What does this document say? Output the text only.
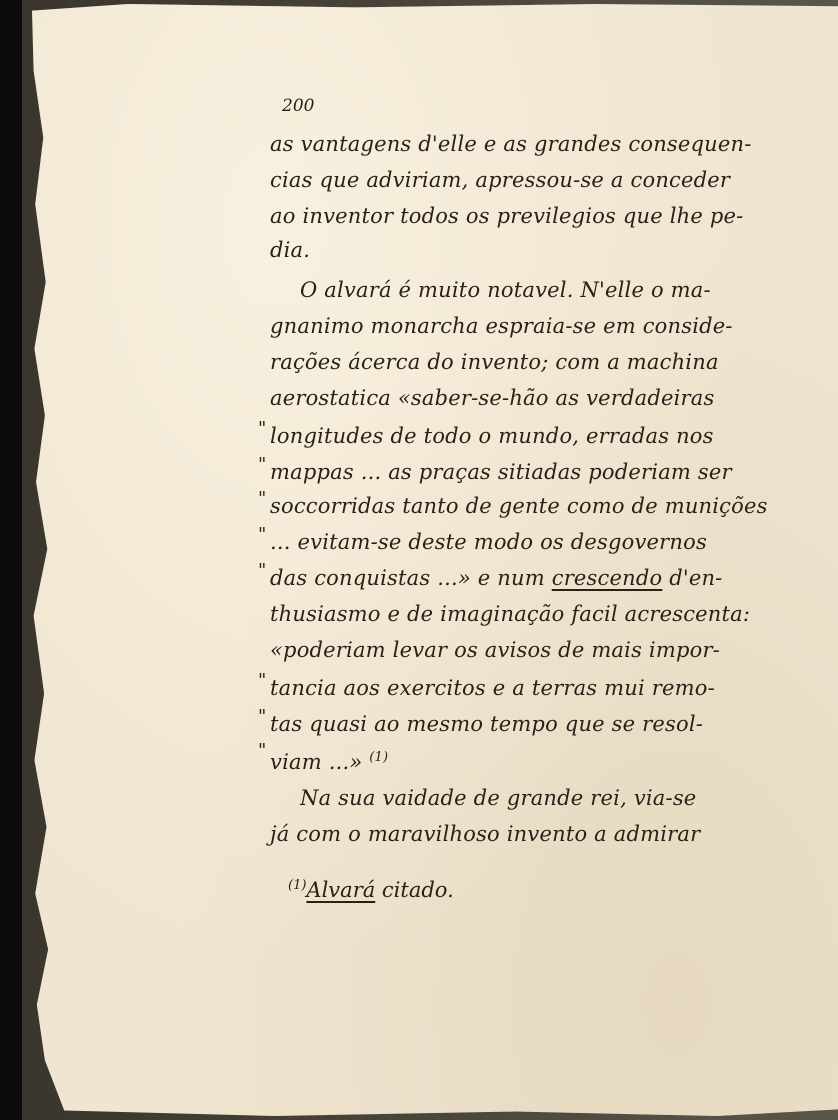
200
as vantagens d'elle e as grandes consequen-
cias que adviriam, apressou-se a conceder
ao inventor todos os previlegios que lhe pe-
dia.
O alvará é muito notavel. N'elle o ma-
gnanimo monarcha espraia-se em conside-
rações ácerca do invento; com a machina
aerostatica «saber-se-hão as verdadeiras
" longitudes de todo o mundo, erradas nos
" mappas ... as praças sitiadas poderiam ser
" soccorridas tanto de gente como de munições
" ... evitam-se deste modo os desgovernos
" das conquistas ...» e num crescendo d'en-
thusiasmo e de imaginação facil acrescenta:
«poderiam levar os avisos de mais impor-
" tancia aos exercitos e a terras mui remo-
" tas quasi ao mesmo tempo que se resol-
" viam ...» $^{(1)}$
Na sua vaidade de grande rei, via-se
já com o maravilhoso invento a admirar
$^{(1)}$Alvará citado.
